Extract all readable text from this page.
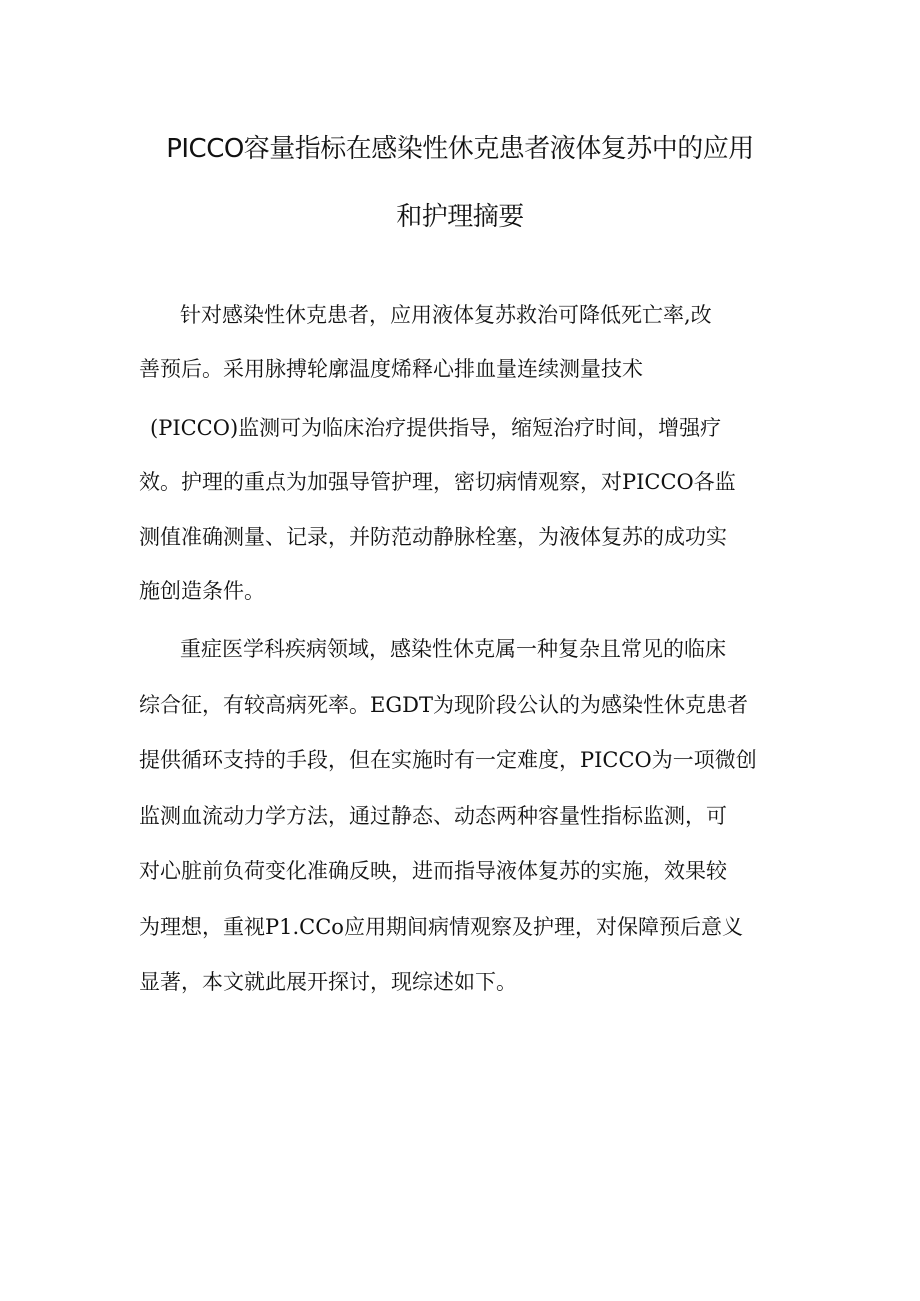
PICCO容量指标在感染性休克患者液体复苏中的应用
和护理摘要
针对感染性休克患者，应用液体复苏救治可降低死亡率,改
善预后。采用脉搏轮廓温度烯释心排血量连续测量技术
(PICCO)监测可为临床治疗提供指导，缩短治疗时间，增强疗
效。护理的重点为加强导管护理，密切病情观察，对PICCO各监
测值准确测量、记录，并防范动静脉栓塞，为液体复苏的成功实
施创造条件。
重症医学科疾病领域，感染性休克属一种复杂且常见的临床
综合征，有较高病死率。EGDT为现阶段公认的为感染性休克患者
提供循环支持的手段，但在实施时有一定难度，PICCO为一项微创
监测血流动力学方法，通过静态、动态两种容量性指标监测，可
对心脏前负荷变化准确反映，进而指导液体复苏的实施，效果较
为理想，重视P1.CCo应用期间病情观察及护理，对保障预后意义
显著，本文就此展开探讨，现综述如下。
